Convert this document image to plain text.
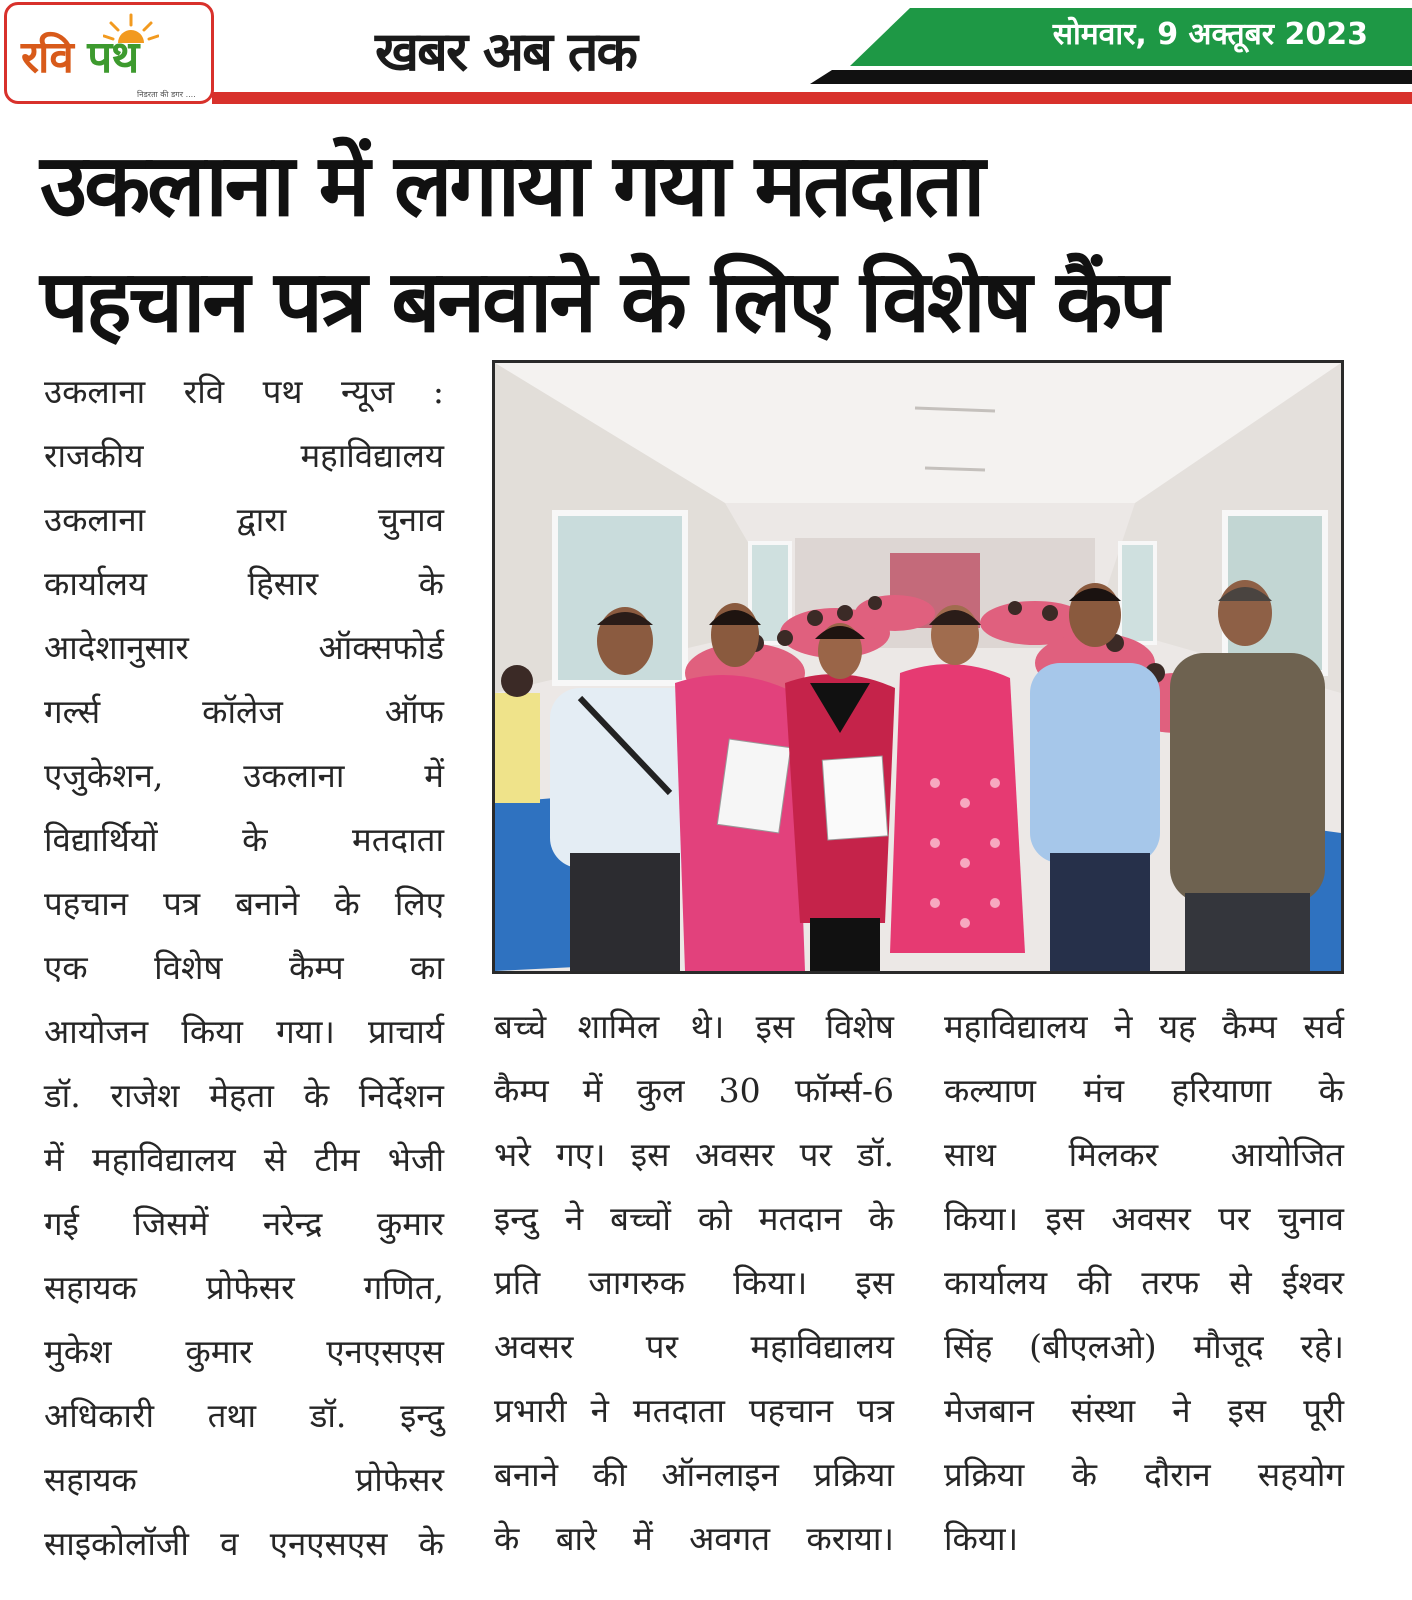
रवि पथ
निडरता की डगर ....
खबर अब तक	सोमवार, 9 अक्तूबर 2023
उकलाना में लगाया गया मतदाता
पहचान पत्र बनवाने के लिए विशेष कैंप
उकलाना रवि पथ न्यूज :
राजकीय महाविद्यालय
उकलाना द्वारा चुनाव
कार्यालय हिसार के
आदेशानुसार ऑक्सफोर्ड
गर्ल्स कॉलेज ऑफ
एजुकेशन, उकलाना में
विद्यार्थियों के मतदाता
पहचान पत्र बनाने के लिए
एक विशेष कैम्प का
आयोजन किया गया। प्राचार्य
डॉ. राजेश मेहता के निर्देशन
में महाविद्यालय से टीम भेजी
गई जिसमें नरेन्द्र कुमार
सहायक प्रोफेसर गणित,
मुकेश कुमार एनएसएस
अधिकारी तथा डॉ. इन्दु
सहायक प्रोफेसर
साइकोलॉजी व एनएसएस के
बच्चे शामिल थे। इस विशेष
कैम्प में कुल 30 फॉर्म्स-6
भरे गए। इस अवसर पर डॉ.
इन्दु ने बच्चों को मतदान के
प्रति जागरुक किया। इस
अवसर पर महाविद्यालय
प्रभारी ने मतदाता पहचान पत्र
बनाने की ऑनलाइन प्रक्रिया
के बारे में अवगत कराया।
महाविद्यालय ने यह कैम्प सर्व
कल्याण मंच हरियाणा के
साथ मिलकर आयोजित
किया। इस अवसर पर चुनाव
कार्यालय की तरफ से ईश्वर
सिंह (बीएलओ) मौजूद रहे।
मेजबान संस्था ने इस पूरी
प्रक्रिया के दौरान सहयोग
किया।
